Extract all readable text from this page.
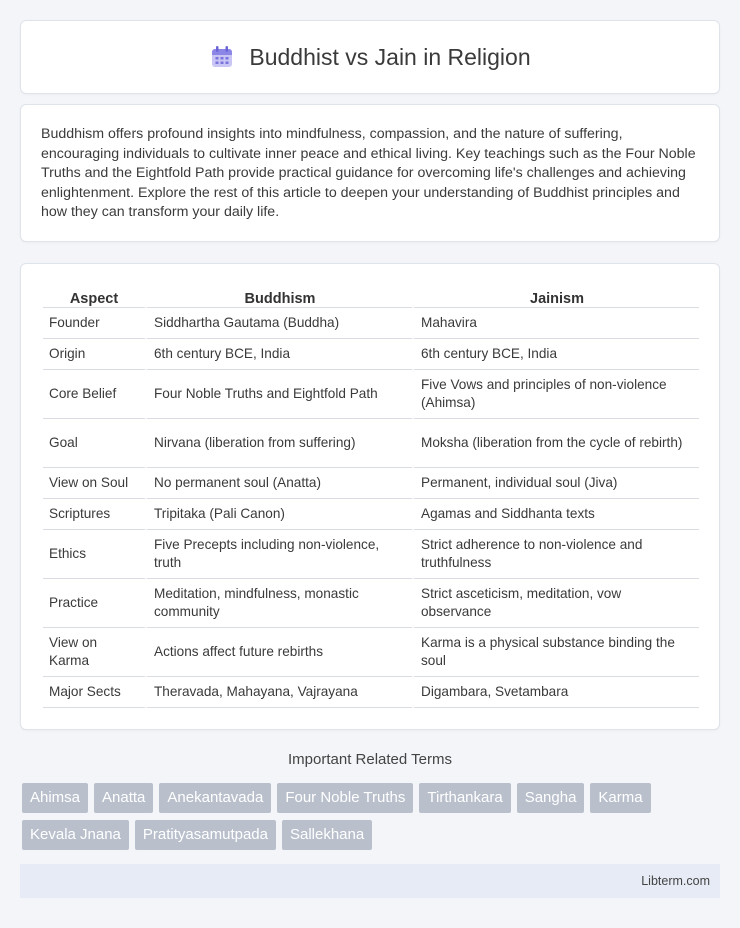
Buddhist vs Jain in Religion

Buddhism offers profound insights into mindfulness, compassion, and the nature of suffering, encouraging individuals to cultivate inner peace and ethical living. Key teachings such as the Four Noble Truths and the Eightfold Path provide practical guidance for overcoming life's challenges and achieving enlightenment. Explore the rest of this article to deepen your understanding of Buddhist principles and how they can transform your daily life.

Aspect	Buddhism	Jainism
Founder	Siddhartha Gautama (Buddha)	Mahavira
Origin	6th century BCE, India	6th century BCE, India
Core Belief	Four Noble Truths and Eightfold Path	Five Vows and principles of non-violence (Ahimsa)
Goal	Nirvana (liberation from suffering)	Moksha (liberation from the cycle of rebirth)
View on Soul	No permanent soul (Anatta)	Permanent, individual soul (Jiva)
Scriptures	Tripitaka (Pali Canon)	Agamas and Siddhanta texts
Ethics	Five Precepts including non-violence, truth	Strict adherence to non-violence and truthfulness
Practice	Meditation, mindfulness, monastic community	Strict asceticism, meditation, vow observance
View on Karma	Actions affect future rebirths	Karma is a physical substance binding the soul
Major Sects	Theravada, Mahayana, Vajrayana	Digambara, Svetambara
Important Related Terms
Ahimsa	Anatta	Anekantavada	Four Noble Truths	Tirthankara	Sangha	Karma
Kevala Jnana	Pratityasamutpada	Sallekhana
Libterm.com
